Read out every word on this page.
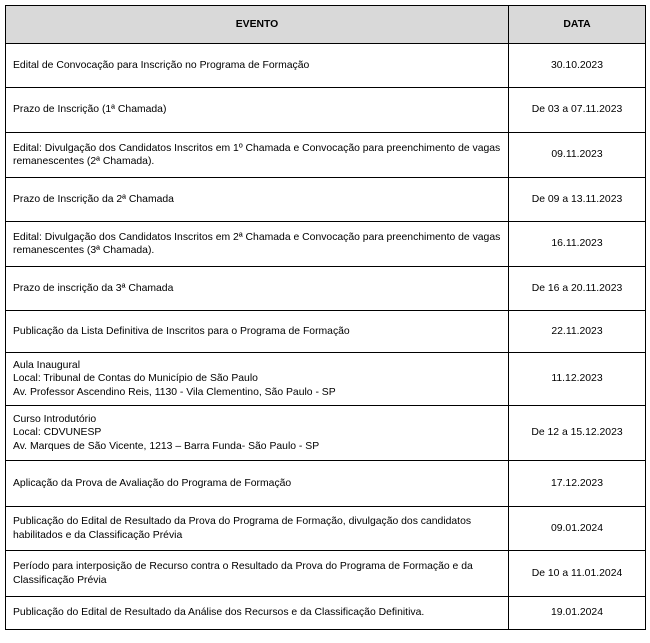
EVENTO	DATA
Edital de Convocação para Inscrição no Programa de Formação	30.10.2023
Prazo de Inscrição (1ª Chamada)	De 03 a 07.11.2023
Edital: Divulgação dos Candidatos Inscritos em 1º Chamada e Convocação para preenchimento de vagas remanescentes (2ª Chamada).	09.11.2023
Prazo de Inscrição da 2ª Chamada	De 09 a 13.11.2023
Edital: Divulgação dos Candidatos Inscritos em 2ª Chamada e Convocação para preenchimento de vagas remanescentes (3ª Chamada).	16.11.2023
Prazo de inscrição da 3ª Chamada	De 16 a 20.11.2023
Publicação da Lista Definitiva de Inscritos para o Programa de Formação	22.11.2023
Aula Inaugural
Local: Tribunal de Contas do Município de São Paulo
Av. Professor Ascendino Reis, 1130 - Vila Clementino, São Paulo - SP	11.12.2023
Curso Introdutório
Local: CDVUNESP
Av. Marques de São Vicente, 1213 – Barra Funda- São Paulo - SP	De 12 a 15.12.2023
Aplicação da Prova de Avaliação do Programa de Formação	17.12.2023
Publicação do Edital de Resultado da Prova do Programa de Formação, divulgação dos candidatos habilitados e da Classificação Prévia	09.01.2024
Período para interposição de Recurso contra o Resultado da Prova do Programa de Formação e da Classificação Prévia	De 10 a 11.01.2024
Publicação do Edital de Resultado da Análise dos Recursos e da Classificação Definitiva.	19.01.2024
